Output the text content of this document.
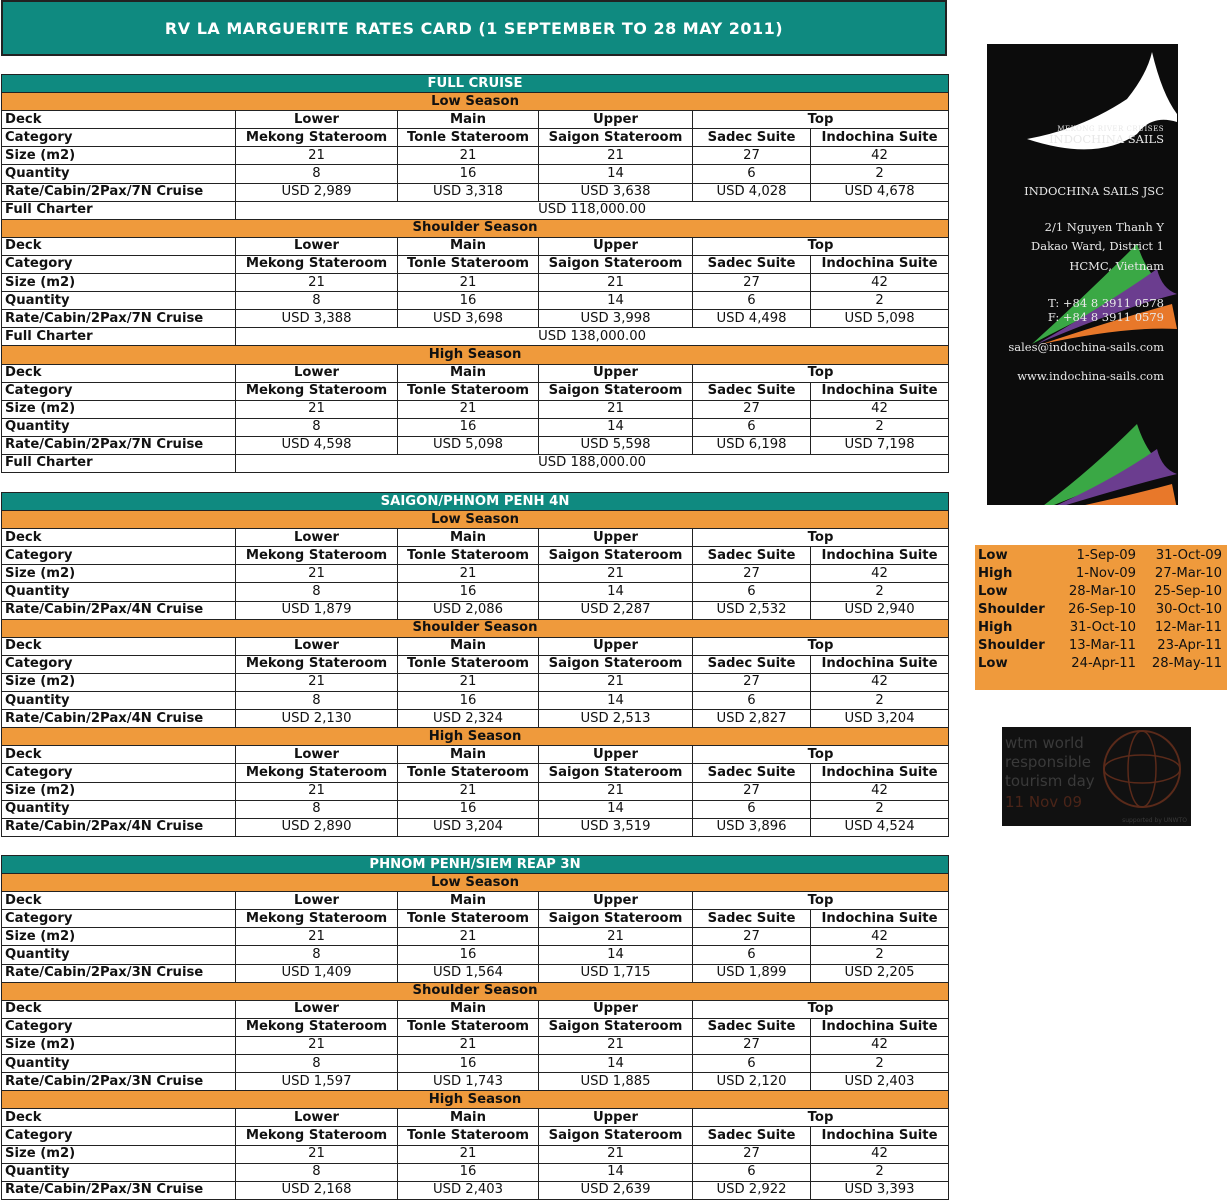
RV LA MARGUERITE RATES CARD (1 SEPTEMBER TO 28 MAY 2011)
FULL CRUISE					
Low Season					
Deck	Lower	Main	Upper	Top	
Category	Mekong Stateroom	Tonle Stateroom	Saigon Stateroom	Sadec Suite	Indochina Suite
Size (m2)	21	21	21	27	42
Quantity	8	16	14	6	2
Rate/Cabin/2Pax/7N Cruise	USD 2,989	USD 3,318	USD 3,638	USD 4,028	USD 4,678
Full Charter	USD 118,000.00				
Shoulder Season					
Deck	Lower	Main	Upper	Top	
Category	Mekong Stateroom	Tonle Stateroom	Saigon Stateroom	Sadec Suite	Indochina Suite
Size (m2)	21	21	21	27	42
Quantity	8	16	14	6	2
Rate/Cabin/2Pax/7N Cruise	USD 3,388	USD 3,698	USD 3,998	USD 4,498	USD 5,098
Full Charter	USD 138,000.00				
High Season					
Deck	Lower	Main	Upper	Top	
Category	Mekong Stateroom	Tonle Stateroom	Saigon Stateroom	Sadec Suite	Indochina Suite
Size (m2)	21	21	21	27	42
Quantity	8	16	14	6	2
Rate/Cabin/2Pax/7N Cruise	USD 4,598	USD 5,098	USD 5,598	USD 6,198	USD 7,198
Full Charter	USD 188,000.00				
SAIGON/PHNOM PENH 4N					
Low Season					
Deck	Lower	Main	Upper	Top	
Category	Mekong Stateroom	Tonle Stateroom	Saigon Stateroom	Sadec Suite	Indochina Suite
Size (m2)	21	21	21	27	42
Quantity	8	16	14	6	2
Rate/Cabin/2Pax/4N Cruise	USD 1,879	USD 2,086	USD 2,287	USD 2,532	USD 2,940
Shoulder Season					
Deck	Lower	Main	Upper	Top	
Category	Mekong Stateroom	Tonle Stateroom	Saigon Stateroom	Sadec Suite	Indochina Suite
Size (m2)	21	21	21	27	42
Quantity	8	16	14	6	2
Rate/Cabin/2Pax/4N Cruise	USD 2,130	USD 2,324	USD 2,513	USD 2,827	USD 3,204
High Season					
Deck	Lower	Main	Upper	Top	
Category	Mekong Stateroom	Tonle Stateroom	Saigon Stateroom	Sadec Suite	Indochina Suite
Size (m2)	21	21	21	27	42
Quantity	8	16	14	6	2
Rate/Cabin/2Pax/4N Cruise	USD 2,890	USD 3,204	USD 3,519	USD 3,896	USD 4,524
PHNOM PENH/SIEM REAP 3N					
Low Season					
Deck	Lower	Main	Upper	Top	
Category	Mekong Stateroom	Tonle Stateroom	Saigon Stateroom	Sadec Suite	Indochina Suite
Size (m2)	21	21	21	27	42
Quantity	8	16	14	6	2
Rate/Cabin/2Pax/3N Cruise	USD 1,409	USD 1,564	USD 1,715	USD 1,899	USD 2,205
Shoulder Season					
Deck	Lower	Main	Upper	Top	
Category	Mekong Stateroom	Tonle Stateroom	Saigon Stateroom	Sadec Suite	Indochina Suite
Size (m2)	21	21	21	27	42
Quantity	8	16	14	6	2
Rate/Cabin/2Pax/3N Cruise	USD 1,597	USD 1,743	USD 1,885	USD 2,120	USD 2,403
High Season					
Deck	Lower	Main	Upper	Top	
Category	Mekong Stateroom	Tonle Stateroom	Saigon Stateroom	Sadec Suite	Indochina Suite
Size (m2)	21	21	21	27	42
Quantity	8	16	14	6	2
Rate/Cabin/2Pax/3N Cruise	USD 2,168	USD 2,403	USD 2,639	USD 2,922	USD 3,393
MEKONG RIVER CRUISES
INDOCHINA SAILS
INDOCHINA SAILS JSC
2/1 Nguyen Thanh Y
Dakao Ward, District 1
HCMC, Vietnam
T: +84 8 3911 0578
F: +84 8 3911 0579
sales@indochina-sails.com
www.indochina-sails.com
Low	1-Sep-09	31-Oct-09
High	1-Nov-09	27-Mar-10
Low	28-Mar-10	25-Sep-10
Shoulder	26-Sep-10	30-Oct-10
High	31-Oct-10	12-Mar-11
Shoulder	13-Mar-11	23-Apr-11
Low	24-Apr-11	28-May-11
wtm world
responsible
tourism day
11 Nov 09
supported by UNWTO
